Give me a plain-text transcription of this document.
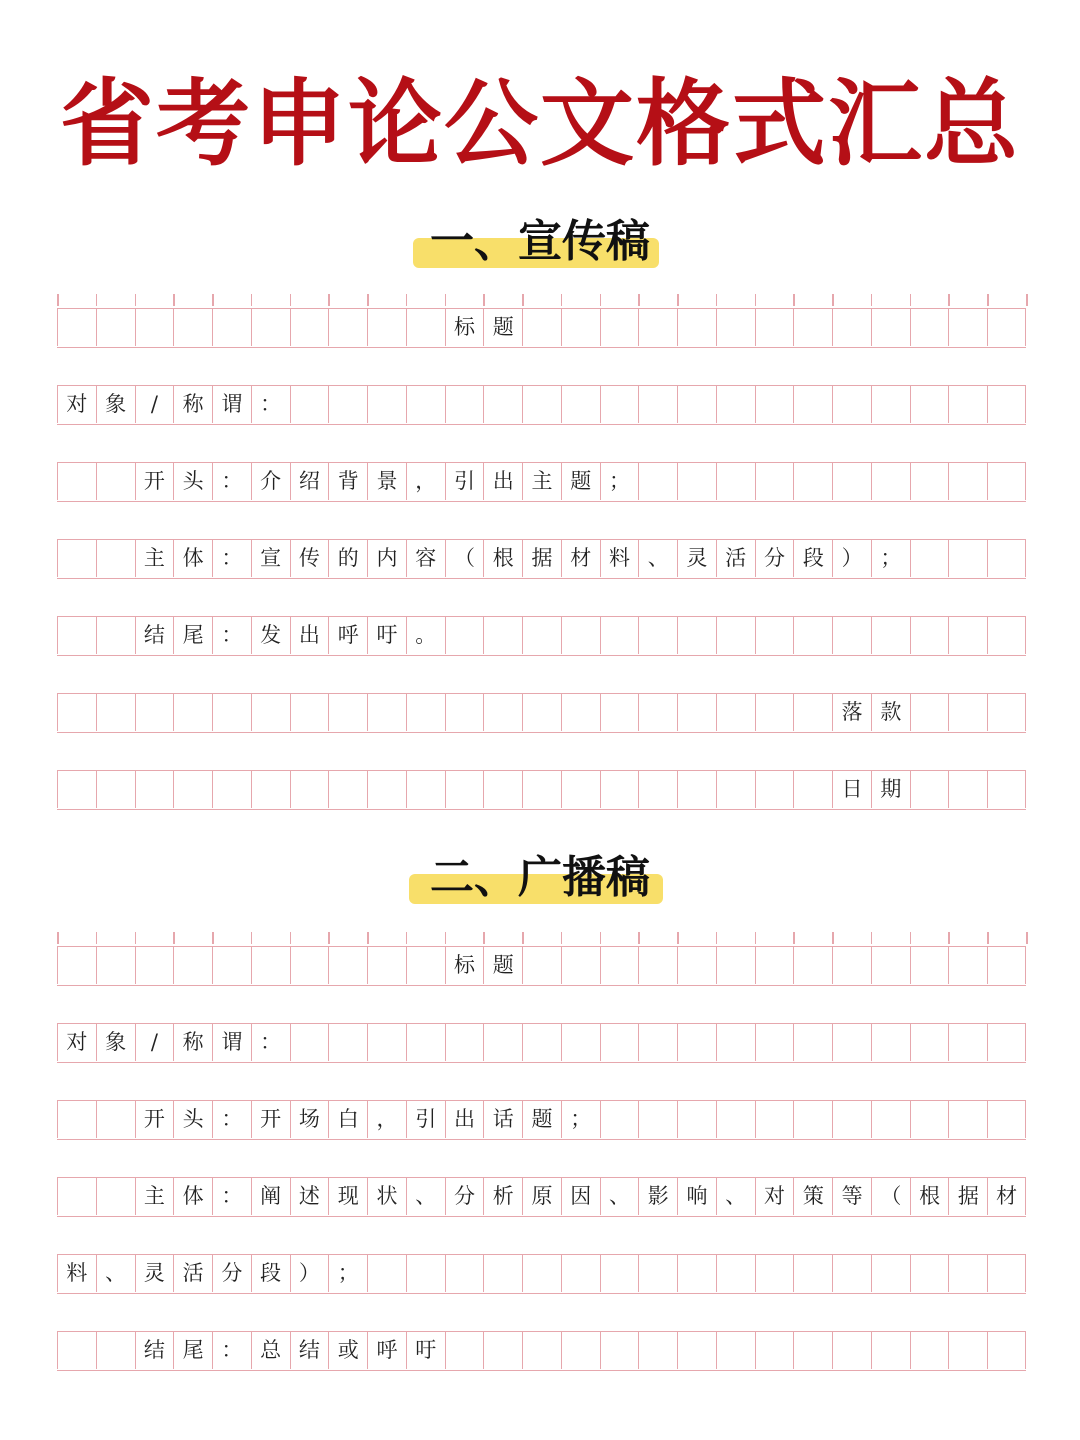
省考申论公文格式汇总
一、宣传稿
标 题
对 象	/	称 谓 ：
开 头 ： 介 绍 背 景 ， 引 出 主 题 ；
主 体 ： 宣 传 的 内 容 （ 根 据 材 料 、 灵 活 分 段 ） ；
结 尾 ： 发 出 呼 吁 。
落 款
日 期
二、广播稿
标 题
对 象	/	称 谓 ：
开 头 ： 开 场 白 ， 引 出 话 题 ；
主 体 ： 阐 述 现 状 、 分 析 原 因 、 影 响 、 对 策 等 （ 根 据 材
料 、 灵 活 分 段 ） ；
结 尾 ： 总 结 或 呼 吁
